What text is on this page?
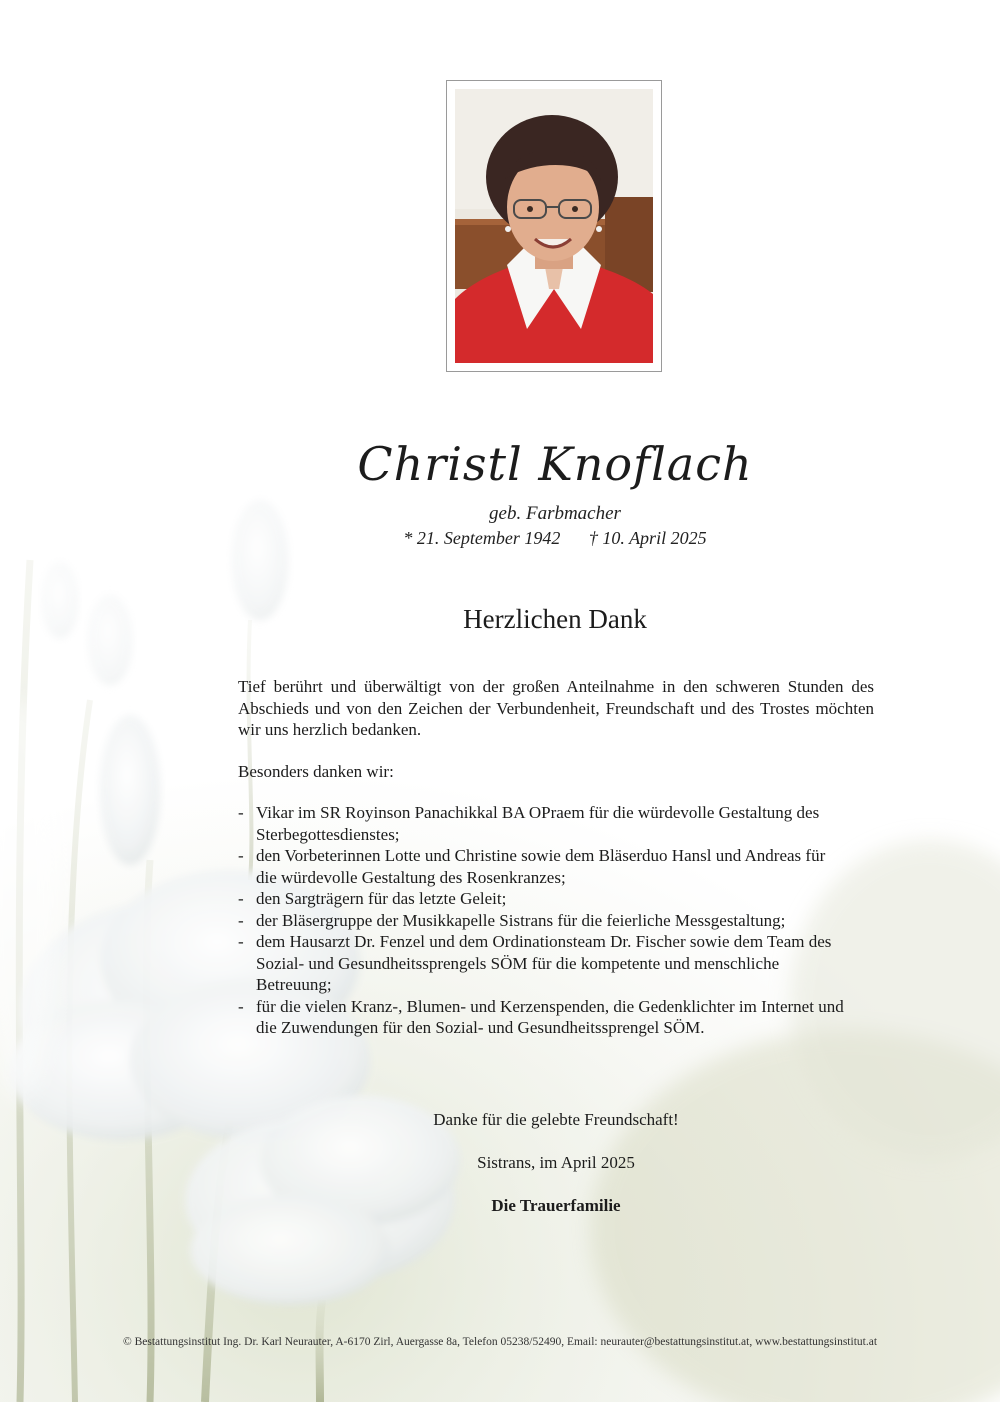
Christl Knoflach
geb. Farbmacher
* 21. September 1942 † 10. April 2025
Herzlichen Dank

Tief berührt und überwältigt von der großen Anteilnahme in den schweren Stunden des Abschieds und von den Zeichen der Verbundenheit, Freundschaft und des Trostes möchten wir uns herzlich bedanken.

Besonders danken wir:
- Vikar im SR Royinson Panachikkal BA OPraem für die würdevolle Gestaltung des Sterbegottesdienstes;
- den Vorbeterinnen Lotte und Christine sowie dem Bläserduo Hansl und Andreas für die würdevolle Gestaltung des Rosenkranzes;
- den Sargträgern für das letzte Geleit;
- der Bläsergruppe der Musikkapelle Sistrans für die feierliche Messgestaltung;
- dem Hausarzt Dr. Fenzel und dem Ordinationsteam Dr. Fischer sowie dem Team des Sozial- und Gesundheitssprengels SÖM für die kompetente und menschliche Betreuung;
- für die vielen Kranz-, Blumen- und Kerzenspenden, die Gedenklichter im Internet und die Zuwendungen für den Sozial- und Gesundheitssprengel SÖM.
Danke für die gelebte Freundschaft!
Sistrans, im April 2025
Die Trauerfamilie
© Bestattungsinstitut Ing. Dr. Karl Neurauter, A-6170 Zirl, Auergasse 8a, Telefon 05238/52490, Email: neurauter@bestattungsinstitut.at, www.bestattungsinstitut.at
